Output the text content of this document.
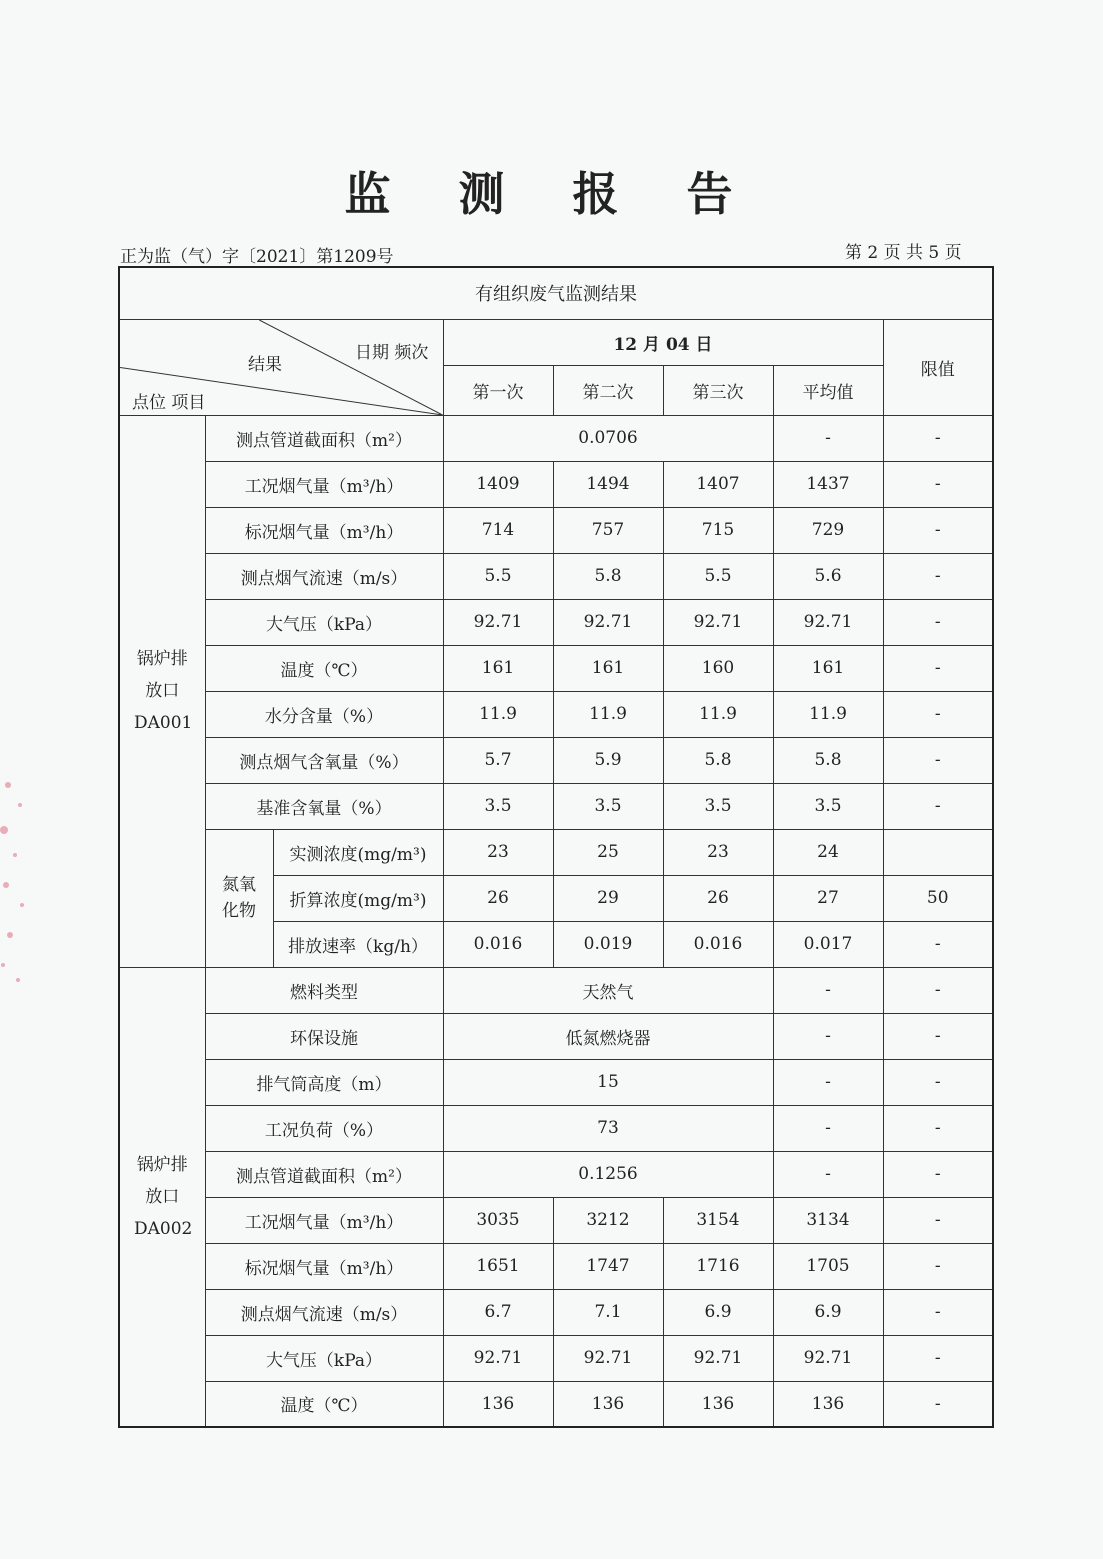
监 测 报 告
正为监（气）字〔2021〕第1209号	第 2 页 共 5 页
有组织废气监测结果							

结果
日期 频次
点位 项目			12 月 04 日				限值
			第一次	第二次	第三次	平均值	
锅炉排放口DA001	测点管道截面积（m²）		0.0706			-	-
	工况烟气量（m³/h）		1409	1494	1407	1437	-
	标况烟气量（m³/h）		714	757	715	729	-
	测点烟气流速（m/s）		5.5	5.8	5.5	5.6	-
	大气压（kPa）		92.71	92.71	92.71	92.71	-
	温度（℃）		161	161	160	161	-
	水分含量（%）		11.9	11.9	11.9	11.9	-
	测点烟气含氧量（%）		5.7	5.9	5.8	5.8	-
	基准含氧量（%）		3.5	3.5	3.5	3.5	-
	氮氧化物	实测浓度(mg/m³)	23	25	23	24	
		折算浓度(mg/m³)	26	29	26	27	50
		排放速率（kg/h）	0.016	0.019	0.016	0.017	-
锅炉排放口DA002	燃料类型		天然气			-	-
	环保设施		低氮燃烧器			-	-
	排气筒高度（m）		15			-	-
	工况负荷（%）		73			-	-
	测点管道截面积（m²）		0.1256			-	-
	工况烟气量（m³/h）		3035	3212	3154	3134	-
	标况烟气量（m³/h）		1651	1747	1716	1705	-
	测点烟气流速（m/s）		6.7	7.1	6.9	6.9	-
	大气压（kPa）		92.71	92.71	92.71	92.71	-
	温度（℃）		136	136	136	136	-
